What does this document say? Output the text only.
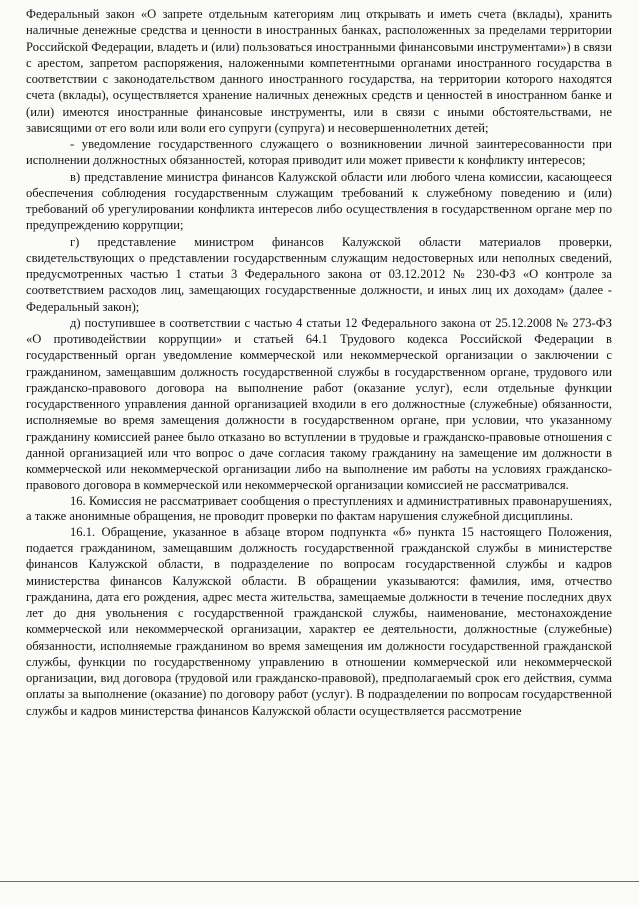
Федеральный закон «О запрете отдельным категориям лиц открывать и иметь счета (вклады), хранить наличные денежные средства и ценности в иностранных банках, расположенных за пределами территории Российской Федерации, владеть и (или) пользоваться иностранными финансовыми инструментами») в связи с арестом, запретом распоряжения, наложенными компетентными органами иностранного государства в соответствии с законодательством данного иностранного государства, на территории которого находятся счета (вклады), осуществляется хранение наличных денежных средств и ценностей в иностранном банке и (или) имеются иностранные финансовые инструменты, или в связи с иными обстоятельствами, не зависящими от его воли или воли его супруги (супруга) и несовершеннолетних детей;

- уведомление государственного служащего о возникновении личной заинтересованности при исполнении должностных обязанностей, которая приводит или может привести к конфликту интересов;

в) представление министра финансов Калужской области или любого члена комиссии, касающееся обеспечения соблюдения государственным служащим требований к служебному поведению и (или) требований об урегулировании конфликта интересов либо осуществления в государственном органе мер по предупреждению коррупции;

г) представление министром финансов Калужской области материалов проверки, свидетельствующих о представлении государственным служащим недостоверных или неполных сведений, предусмотренных частью 1 статьи 3 Федерального закона от 03.12.2012 № 230-ФЗ «О контроле за соответствием расходов лиц, замещающих государственные должности, и иных лиц их доходам» (далее - Федеральный закон);

д) поступившее в соответствии с частью 4 статьи 12 Федерального закона от 25.12.2008 № 273-ФЗ «О противодействии коррупции» и статьей 64.1 Трудового кодекса Российской Федерации в государственный орган уведомление коммерческой или некоммерческой организации о заключении с гражданином, замещавшим должность государственной службы в государственном органе, трудового или гражданско-правового договора на выполнение работ (оказание услуг), если отдельные функции государственного управления данной организацией входили в его должностные (служебные) обязанности, исполняемые во время замещения должности в государственном органе, при условии, что указанному гражданину комиссией ранее было отказано во вступлении в трудовые и гражданско-правовые отношения с данной организацией или что вопрос о даче согласия такому гражданину на замещение им должности в коммерческой или некоммерческой организации либо на выполнение им работы на условиях гражданско-правового договора в коммерческой или некоммерческой организации комиссией не рассматривался.

16. Комиссия не рассматривает сообщения о преступлениях и административных правонарушениях, а также анонимные обращения, не проводит проверки по фактам нарушения служебной дисциплины.

16.1. Обращение, указанное в абзаце втором подпункта «б» пункта 15 настоящего Положения, подается гражданином, замещавшим должность государственной гражданской службы в министерстве финансов Калужской области, в подразделение по вопросам государственной службы и кадров министерства финансов Калужской области. В обращении указываются: фамилия, имя, отчество гражданина, дата его рождения, адрес места жительства, замещаемые должности в течение последних двух лет до дня увольнения с государственной гражданской службы, наименование, местонахождение коммерческой или некоммерческой организации, характер ее деятельности, должностные (служебные) обязанности, исполняемые гражданином во время замещения им должности государственной гражданской службы, функции по государственному управлению в отношении коммерческой или некоммерческой организации, вид договора (трудовой или гражданско-правовой), предполагаемый срок его действия, сумма оплаты за выполнение (оказание) по договору работ (услуг). В подразделении по вопросам государственной службы и кадров министерства финансов Калужской области осуществляется рассмотрение
